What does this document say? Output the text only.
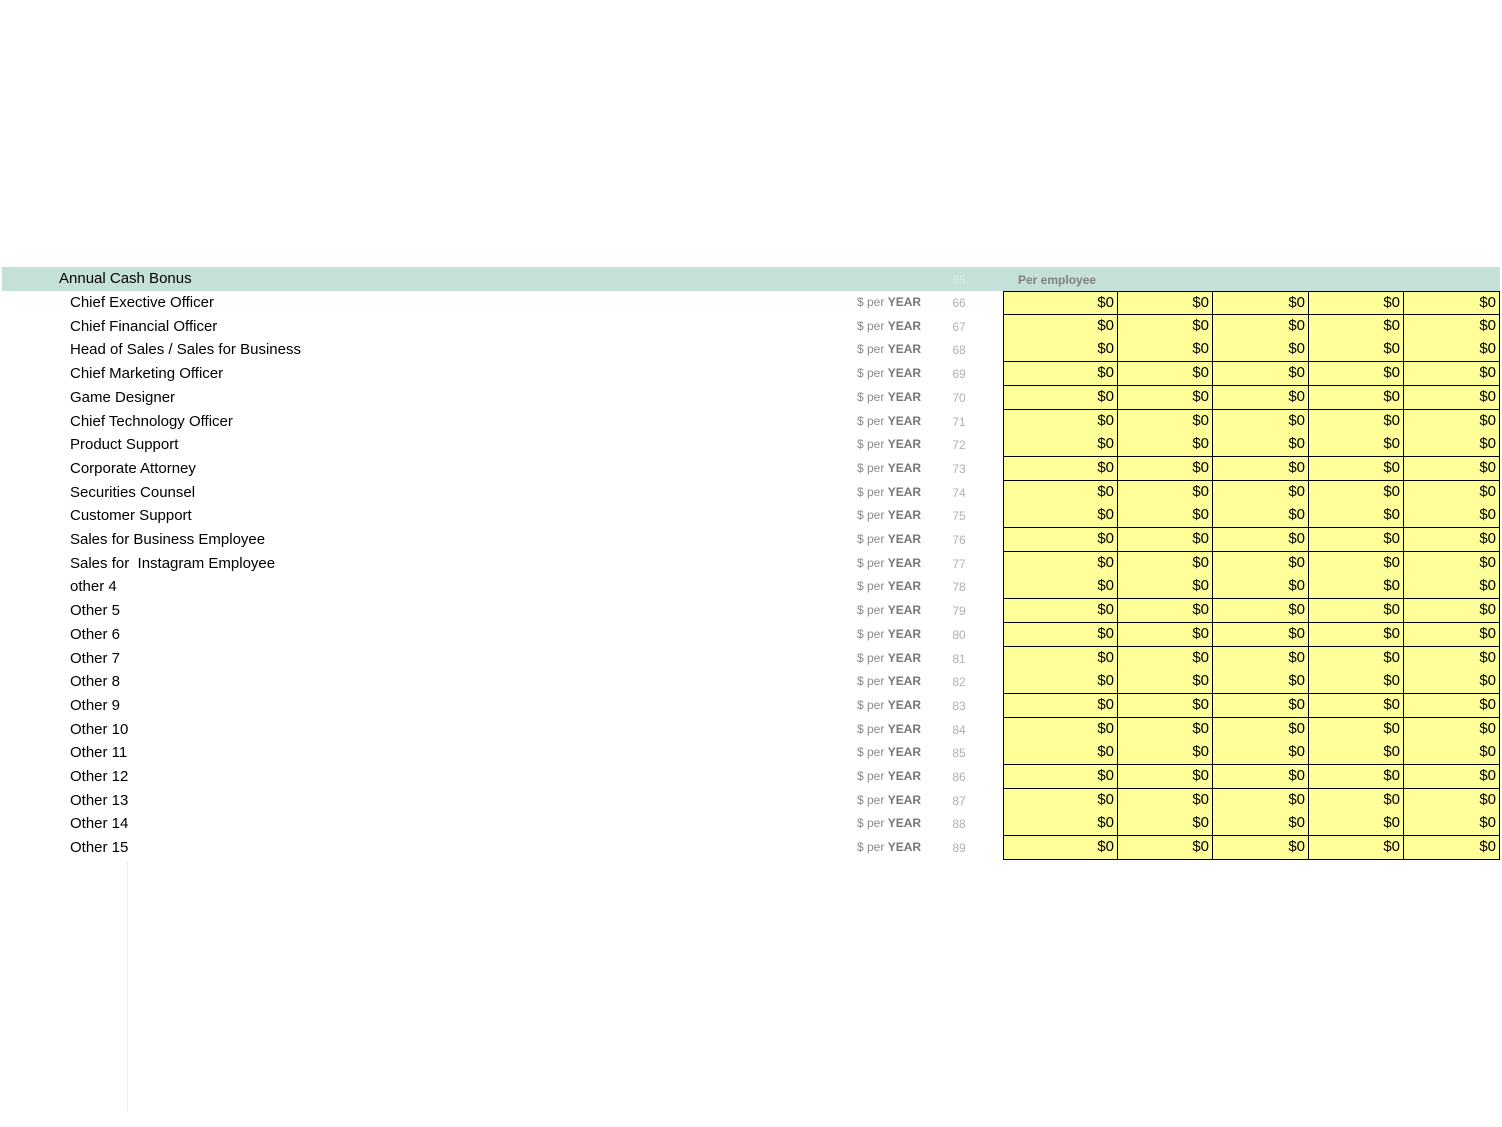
Annual Cash Bonus	65	Per employee
Chief Exective Officer	$ per YEAR	66	$0	$0	$0	$0	$0
Chief Financial Officer	$ per YEAR	67	$0	$0	$0	$0	$0
Head of Sales / Sales for Business	$ per YEAR	68	$0	$0	$0	$0	$0
Chief Marketing Officer	$ per YEAR	69	$0	$0	$0	$0	$0
Game Designer	$ per YEAR	70	$0	$0	$0	$0	$0
Chief Technology Officer	$ per YEAR	71	$0	$0	$0	$0	$0
Product Support	$ per YEAR	72	$0	$0	$0	$0	$0
Corporate Attorney	$ per YEAR	73	$0	$0	$0	$0	$0
Securities Counsel	$ per YEAR	74	$0	$0	$0	$0	$0
Customer Support	$ per YEAR	75	$0	$0	$0	$0	$0
Sales for Business Employee	$ per YEAR	76	$0	$0	$0	$0	$0
Sales for  Instagram Employee	$ per YEAR	77	$0	$0	$0	$0	$0
other 4	$ per YEAR	78	$0	$0	$0	$0	$0
Other 5	$ per YEAR	79	$0	$0	$0	$0	$0
Other 6	$ per YEAR	80	$0	$0	$0	$0	$0
Other 7	$ per YEAR	81	$0	$0	$0	$0	$0
Other 8	$ per YEAR	82	$0	$0	$0	$0	$0
Other 9	$ per YEAR	83	$0	$0	$0	$0	$0
Other 10	$ per YEAR	84	$0	$0	$0	$0	$0
Other 11	$ per YEAR	85	$0	$0	$0	$0	$0
Other 12	$ per YEAR	86	$0	$0	$0	$0	$0
Other 13	$ per YEAR	87	$0	$0	$0	$0	$0
Other 14	$ per YEAR	88	$0	$0	$0	$0	$0
Other 15	$ per YEAR	89	$0	$0	$0	$0	$0
